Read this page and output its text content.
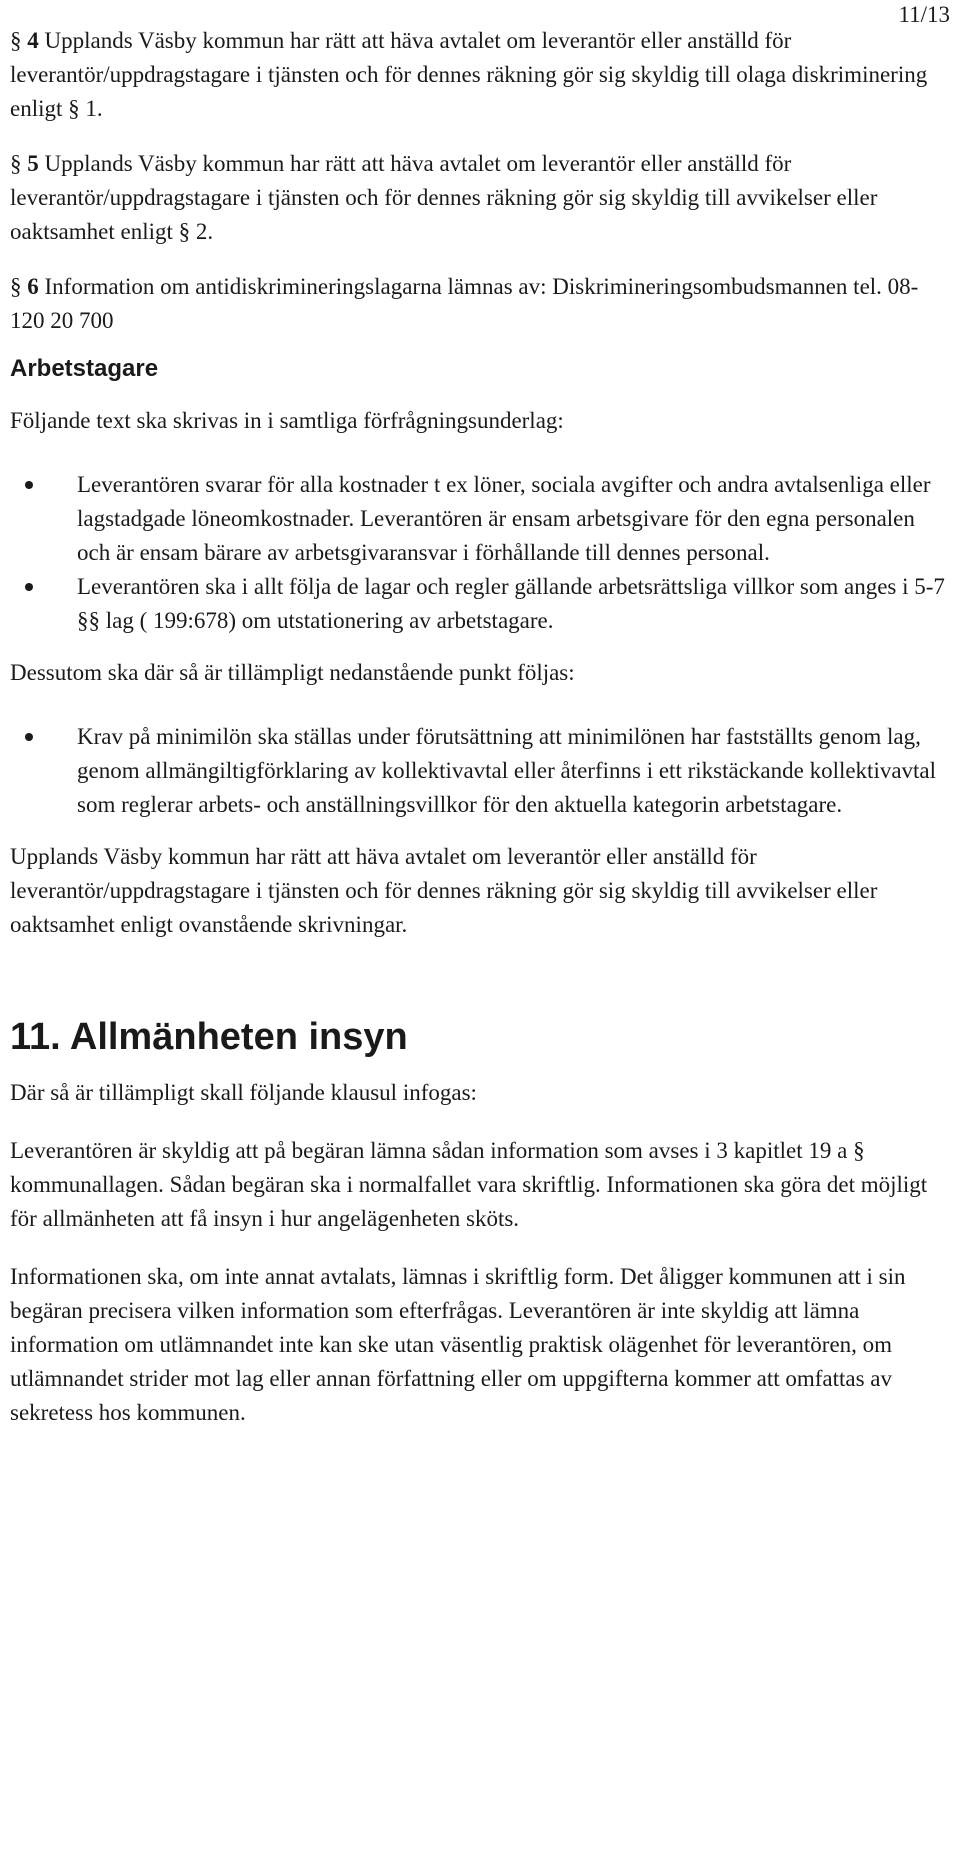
11/13

§ 4 Upplands Väsby kommun har rätt att häva avtalet om leverantör eller anställd för leverantör/uppdragstagare i tjänsten och för dennes räkning gör sig skyldig till olaga diskriminering enligt § 1.

§ 5 Upplands Väsby kommun har rätt att häva avtalet om leverantör eller anställd för leverantör/uppdragstagare i tjänsten och för dennes räkning gör sig skyldig till avvikelser eller oaktsamhet enligt § 2.

§ 6 Information om antidiskrimineringslagarna lämnas av: Diskrimineringsombudsmannen tel. 08-120 20 700

Arbetstagare

Följande text ska skrivas in i samtliga förfrågningsunderlag:

Leverantören svarar för alla kostnader t ex löner, sociala avgifter och andra avtalsenliga eller lagstadgade löneomkostnader. Leverantören är ensam arbetsgivare för den egna personalen och är ensam bärare av arbetsgivaransvar i förhållande till dennes personal.
Leverantören ska i allt följa de lagar och regler gällande arbetsrättsliga villkor som anges i 5-7 §§ lag ( 199:678) om utstationering av arbetstagare.

Dessutom ska där så är tillämpligt nedanstående punkt följas:

Krav på minimilön ska ställas under förutsättning att minimilönen har fastställts genom lag, genom allmängiltigförklaring av kollektivavtal eller återfinns i ett rikstäckande kollektivavtal som reglerar arbets- och anställningsvillkor för den aktuella kategorin arbetstagare.

Upplands Väsby kommun har rätt att häva avtalet om leverantör eller anställd för leverantör/uppdragstagare i tjänsten och för dennes räkning gör sig skyldig till avvikelser eller oaktsamhet enligt ovanstående skrivningar.

11. Allmänheten insyn

Där så är tillämpligt skall följande klausul infogas:

Leverantören är skyldig att på begäran lämna sådan information som avses i 3 kapitlet 19 a § kommunallagen. Sådan begäran ska i normalfallet vara skriftlig. Informationen ska göra det möjligt för allmänheten att få insyn i hur angelägenheten sköts.

Informationen ska, om inte annat avtalats, lämnas i skriftlig form. Det åligger kommunen att i sin begäran precisera vilken information som efterfrågas. Leverantören är inte skyldig att lämna information om utlämnandet inte kan ske utan väsentlig praktisk olägenhet för leverantören, om utlämnandet strider mot lag eller annan författning eller om uppgifterna kommer att omfattas av sekretess hos kommunen.
